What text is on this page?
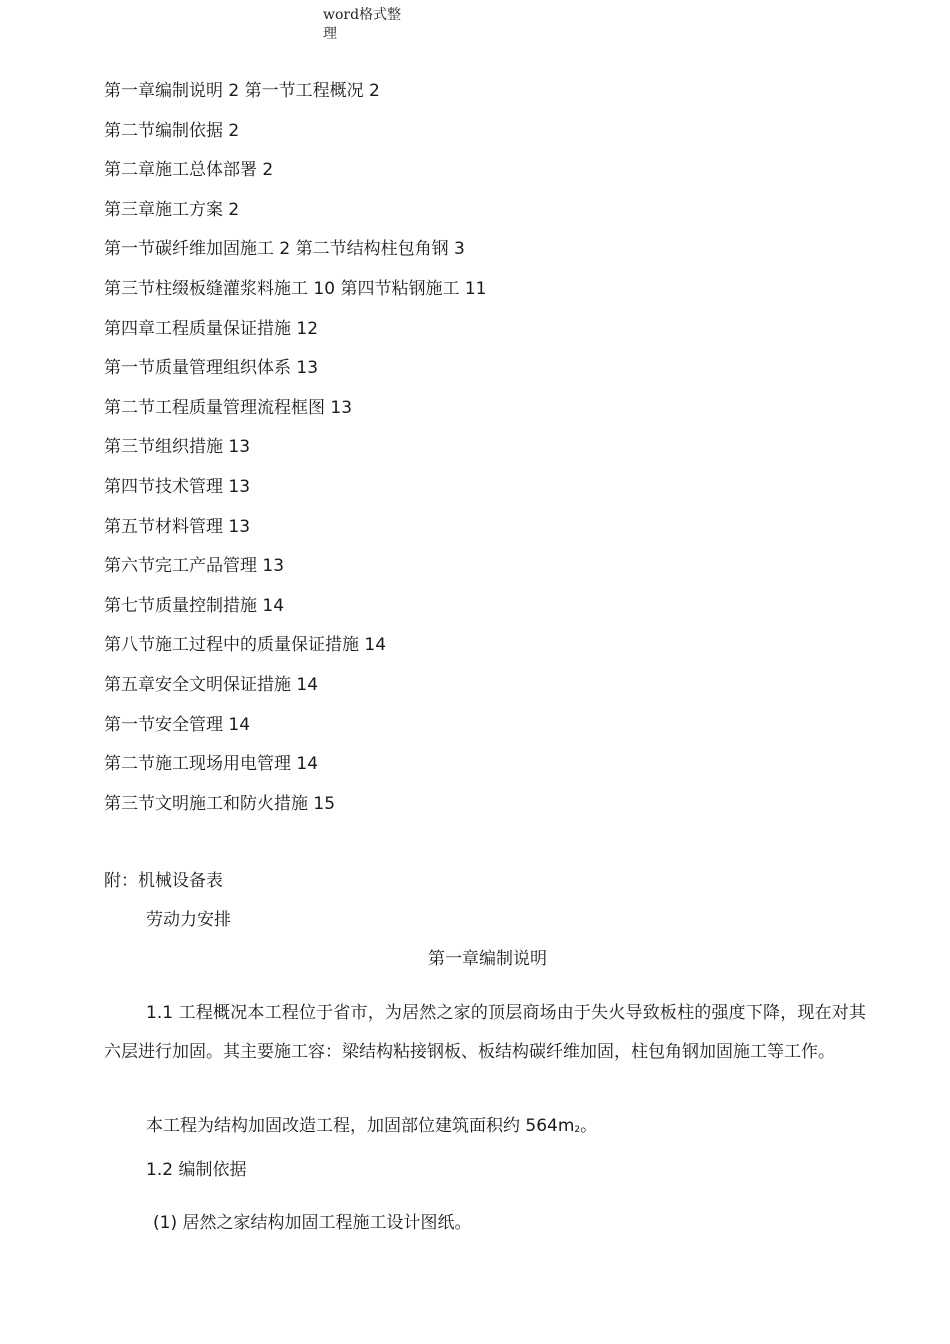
word格式整
理
第一章编制说明 2 第一节工程概况 2
第二节编制依据 2
第二章施工总体部署 2
第三章施工方案 2
第一节碳纤维加固施工 2 第二节结构柱包角钢 3
第三节柱缀板缝灌浆料施工 10 第四节粘钢施工 11
第四章工程质量保证措施 12
第一节质量管理组织体系 13
第二节工程质量管理流程框图 13
第三节组织措施 13
第四节技术管理 13
第五节材料管理 13
第六节完工产品管理 13
第七节质量控制措施 14
第八节施工过程中的质量保证措施 14
第五章安全文明保证措施 14
第一节安全管理 14
第二节施工现场用电管理 14
第三节文明施工和防火措施 15
附：机械设备表
劳动力安排
第一章编制说明
1.1 工程概况本工程位于省市，为居然之家的顶层商场由于失火导致板柱的强度下降，现在对其六层进行加固。其主要施工容：梁结构粘接钢板、板结构碳纤维加固，柱包角钢加固施工等工作。
本工程为结构加固改造工程，加固部位建筑面积约 $564m_2$。
1.2 编制依据
(1) 居然之家结构加固工程施工设计图纸。
